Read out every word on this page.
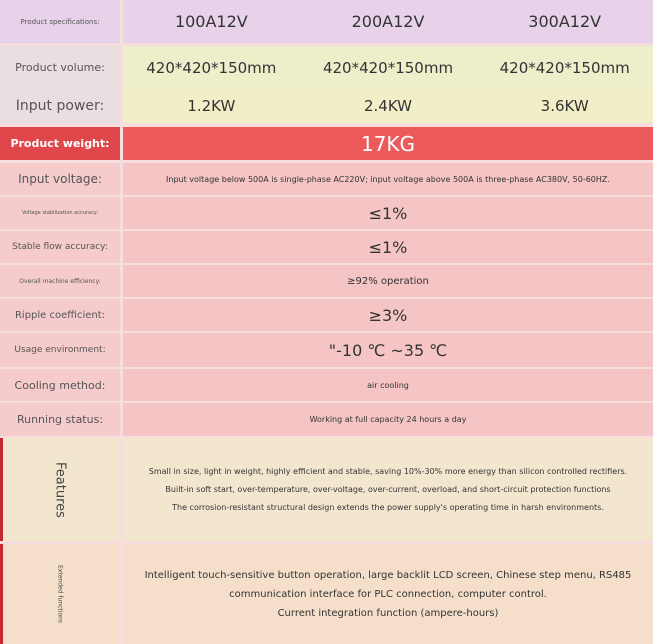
Product specifications:	100A12V	200A12V	300A12V
Product volume:	420*420*150mm	420*420*150mm	420*420*150mm
Input power:	1.2KW	2.4KW	3.6KW
Product weight:	17KG
Input voltage:	Input voltage below 500A is single-phase AC220V; input voltage above 500A is three-phase AC380V, 50-60HZ.
Voltage stabilization accuracy:	≤1%
Stable flow accuracy:	≤1%
Overall machine efficiency:	≥92% operation
Ripple coefficient:	≥3%
Usage environment:	"-10 ℃ ~35 ℃
Cooling method:	air cooling
Running status:	Working at full capacity 24 hours a day
Features	Small in size, light in weight, highly efficient and stable, saving 10%-30% more energy than silicon controlled rectifiers.
Built-in soft start, over-temperature, over-voltage, over-current, overload, and short-circuit protection functions
The corrosion-resistant structural design extends the power supply's operating time in harsh environments.
Extended functions	Intelligent touch-sensitive button operation, large backlit LCD screen, Chinese step menu, RS485
communication interface for PLC connection, computer control.
Current integration function (ampere-hours)
